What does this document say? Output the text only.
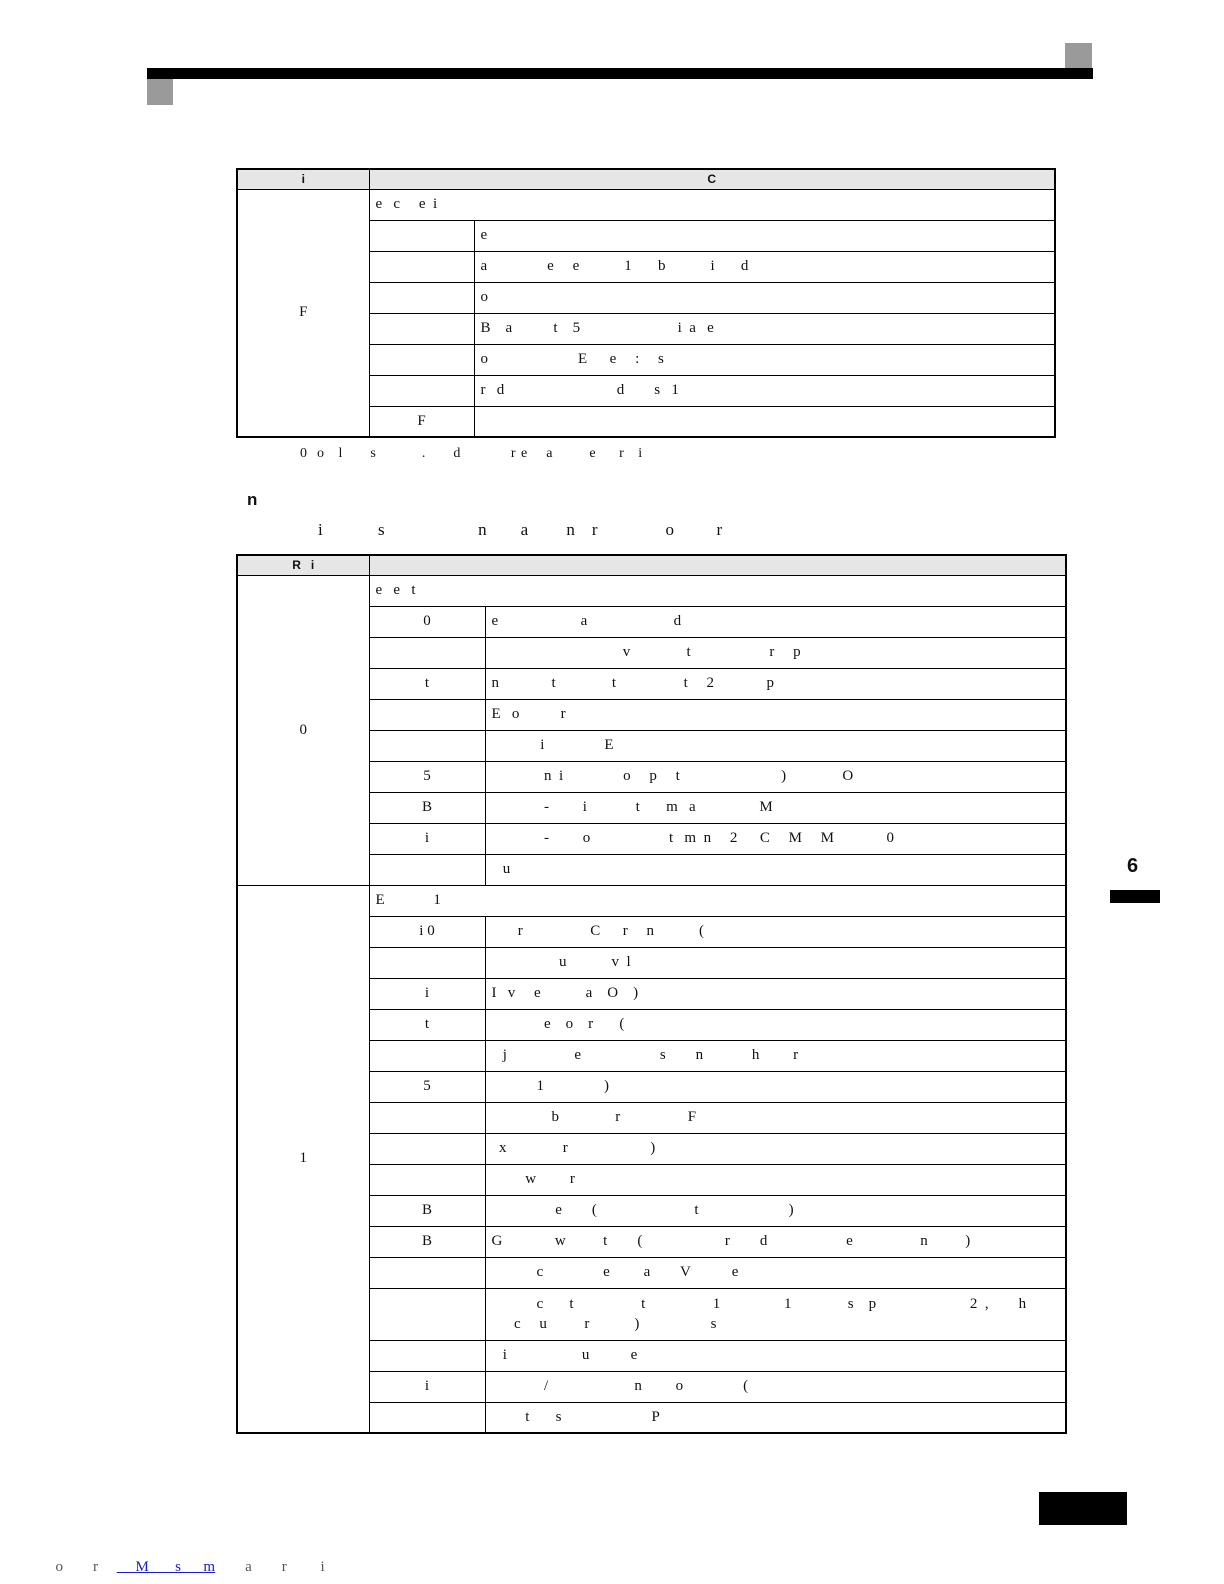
i	C	
F	e   c     e  i	
		e
		a                e     e            1       b            i       d
		o
		B    a           t    5                          i  a   e
		o                        E      e     :     s
		r   d                              d        s   1
	F	
0  o   l      s          .      d           r e    a        e     r   i
n
i             s                      n        a         n    r                o          r
R   i		
0	e   e   t	
	0	e                      a                       d
		v               t                     r     p
	t	n              t               t                  t     2              p
		E   o           r
		i                E
	5	n  i                o     p     t                           )               O
	B	-         i             t       m   a                 M
	i	-         o                     t   m  n     2      C     M     M              0
		u
1	E             1	
	i 0	r                  C      r     n            (
		u            v  l
	i	I   v     e            a    O    )
	t	e    o    r       (
		j                  e                     s        n             h         r
	5	1                )
		b               r                  F
		x               r                      )
		w         r
	B	e        (                          t                        )
	B	G              w          t        (                      r        d                     e                  n          )
		c                e         a        V           e
		c       t                  t                  1                 1               s    p                         2  ,        h
c     u          r            )                   s
		i                    u           e
	i	/                       n         o                (
		t       s                        P
6

o        r          M       s      m        a        r         i
